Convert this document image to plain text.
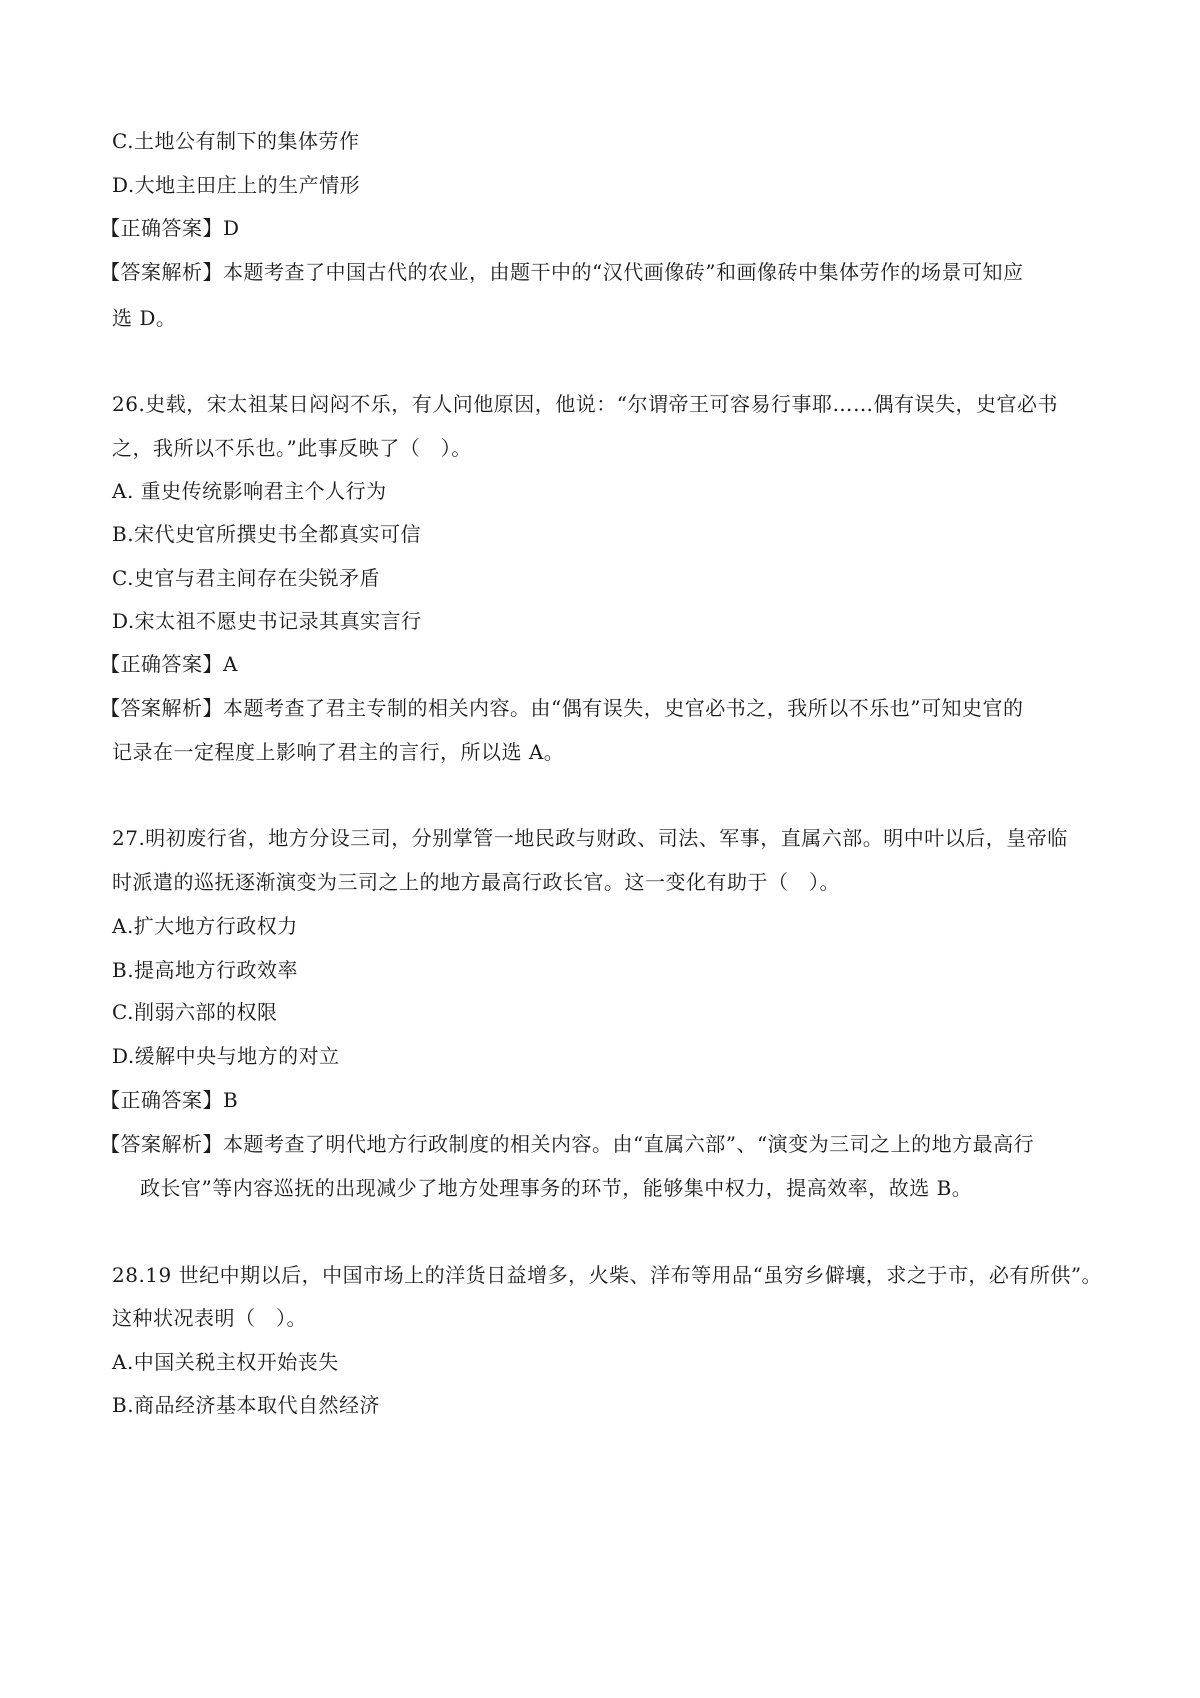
C.土地公有制下的集体劳作
D.大地主田庄上的生产情形
【正确答案】D
【答案解析】本题考查了中国古代的农业，由题干中的“汉代画像砖”和画像砖中集体劳作的场景可知应
选 D。
26.史载，宋太祖某日闷闷不乐，有人问他原因，他说：“尔谓帝王可容易行事耶……偶有误失，史官必书
之，我所以不乐也。”此事反映了（　）。
A. 重史传统影响君主个人行为
B.宋代史官所撰史书全都真实可信
C.史官与君主间存在尖锐矛盾
D.宋太祖不愿史书记录其真实言行
【正确答案】A
【答案解析】本题考查了君主专制的相关内容。由“偶有误失，史官必书之，我所以不乐也”可知史官的
记录在一定程度上影响了君主的言行，所以选 A。
27.明初废行省，地方分设三司，分别掌管一地民政与财政、司法、军事，直属六部。明中叶以后，皇帝临
时派遣的巡抚逐渐演变为三司之上的地方最高行政长官。这一变化有助于（　）。
A.扩大地方行政权力
B.提高地方行政效率
C.削弱六部的权限
D.缓解中央与地方的对立
【正确答案】B
【答案解析】本题考查了明代地方行政制度的相关内容。由“直属六部”、“演变为三司之上的地方最高行
政长官”等内容巡抚的出现减少了地方处理事务的环节，能够集中权力，提高效率，故选 B。
28.19 世纪中期以后，中国市场上的洋货日益增多，火柴、洋布等用品“虽穷乡僻壤，求之于市，必有所供”。
这种状况表明（　）。
A.中国关税主权开始丧失
B.商品经济基本取代自然经济
